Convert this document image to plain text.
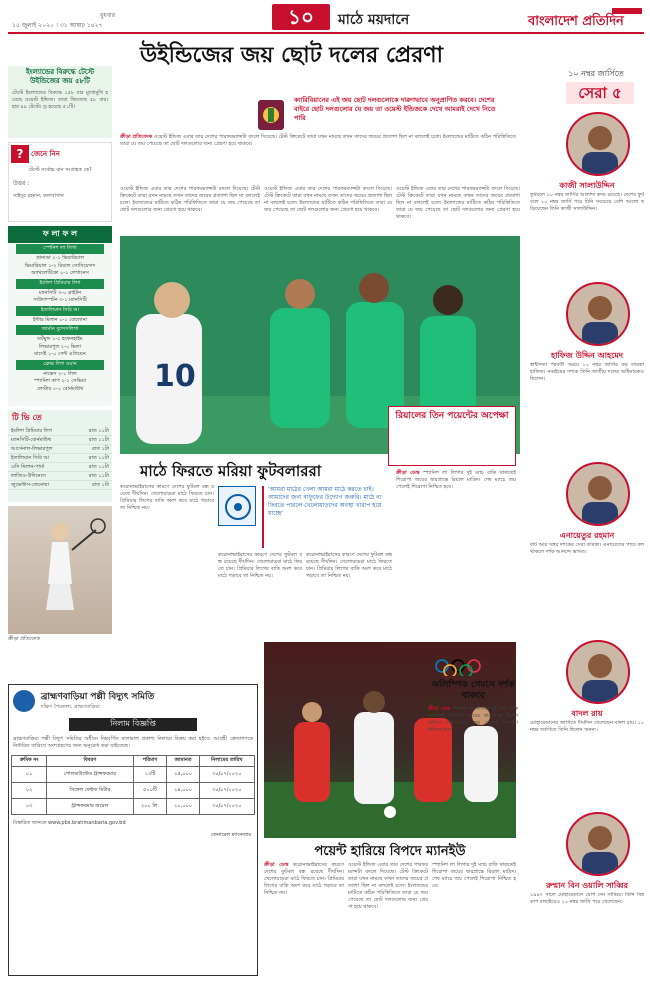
বুধবার
১৫ জুলাই ২০২০ । ৩১ আষাঢ় ১৪২৭	১০	মাঠে ময়দানে	বাংলাদেশ প্রতিদিন
ইংল্যান্ডের বিরুদ্ধে টেস্টে উইন্ডিজের জয় ৫৮টি
টেস্টে ইংল্যান্ডের বিরুদ্ধে ১৫৮ বার মুখোমুখি হয়েছে ওয়েস্ট ইন্ডিজ। তারা জিতেছে ৫৮ বার। হার ৪৯ টেস্টে। ড্র হয়েছে ৫১টি।
?	জেনে নিন
টেস্টে সর্বোচ্চ রান সংগ্রাহক কে?
উত্তর :
সাইদুর রহমান, কলাবাগান
ফ লা ফ ল
স্পেনিশ লা লিগা
গ্রানাডা ২-১ ভিয়ারিয়াল
ভিয়ারিয়াল ১-২ রিয়াল সোসিয়েদাদ
অ্যাথলেটিকো ০-১ লেগানেস
ইংলিশ প্রিমিয়ার লিগ
ম্যানসিটি ৩-০ ব্রাইটন
সাউদাম্পটন ৩-১ ম্যানসিটি
ইতালিয়ান সিরি আ
ইন্টার মিলান ০-১ বোলোনা
জার্মান বুন্দেসলিগা
ডর্টমুন্ড ১-২ হফেনহাইম
লিভারপুল ২-০ ভিলা
মার্সেই ১-০ সেন্ট এতিয়েন
ফ্রেঞ্চ লিগ ওয়ান
নান্তেস ২-১ লিল
স্প্যানিশ কাপ ২-১ সেভিয়া
লেস্টার ০-০ বোর্নমাউথ
টি ভি তে
ইংলিশ প্রিমিয়ার লিগ	রাত ১১টা
ম্যানসিটি-বোর্নমাউথ	রাত ১১টা
আর্সেনাল-লিভারপুল	রাত ১টা
ইতালিয়ান সিরি আ	রাত ১১টা
এসি মিলান-পার্মা	রাত ১১টা
লাজিও-উদিনেসে	রাত ১১টা
জুভেন্টাস-জেনোয়া	রাত ১টা
ক্রীড়া প্রতিবেদক
উইন্ডিজের জয় ছোট দলের প্রেরণা
ক্যারিবিয়ানের এই জয় ছোট দলগুলোকে দারুণভাবে অনুপ্রাণিত করবে। দেশের বাইরে ছোট দলগুলোর যে জয় তা ওয়েস্ট ইন্ডিজকে দেখে আমরাই দেখে নিতে পারি
ক্রীড়া প্রতিবেদক ওয়েস্ট ইন্ডিজ এবার তার দেশের পারফরম্যান্সটা বদলে দিয়েছে। টেস্ট ক্রিকেটে তারা যখন নামছে তখন তাদের জয়ের প্রত্যাশা ছিল না বললেই চলে। ইংল্যান্ডের মাটিতে কঠিন পরিস্থিতিতে তারা যে জয় পেয়েছে তা ছোট দলগুলোর জন্য প্রেরণা হয়ে থাকবে।
ওয়েস্ট ইন্ডিজ এবার তার দেশের পারফরম্যান্সটা বদলে দিয়েছে। টেস্ট ক্রিকেটে তারা যখন নামছে তখন তাদের জয়ের প্রত্যাশা ছিল না বললেই চলে। ইংল্যান্ডের মাটিতে কঠিন পরিস্থিতিতে তারা যে জয় পেয়েছে তা ছোট দলগুলোর জন্য প্রেরণা হয়ে থাকবে।
ওয়েস্ট ইন্ডিজ এবার তার দেশের পারফরম্যান্সটা বদলে দিয়েছে। টেস্ট ক্রিকেটে তারা যখন নামছে তখন তাদের জয়ের প্রত্যাশা ছিল না বললেই চলে। ইংল্যান্ডের মাটিতে কঠিন পরিস্থিতিতে তারা যে জয় পেয়েছে তা ছোট দলগুলোর জন্য প্রেরণা হয়ে থাকবে।
ওয়েস্ট ইন্ডিজ এবার তার দেশের পারফরম্যান্সটা বদলে দিয়েছে। টেস্ট ক্রিকেটে তারা যখন নামছে তখন তাদের জয়ের প্রত্যাশা ছিল না বললেই চলে। ইংল্যান্ডের মাটিতে কঠিন পরিস্থিতিতে তারা যে জয় পেয়েছে তা ছোট দলগুলোর জন্য প্রেরণা হয়ে থাকবে।
10
রিয়ালের তিন পয়েন্টের অপেক্ষা
ক্রীড়া ডেস্ক স্প্যানিশ লা লিগার দুই ম্যাচ বাকি থাকতেই শিরোপা জয়ের দ্বারপ্রান্তে রিয়াল মাদ্রিদ। শেষ ম্যাচে জয় পেলেই শিরোপা নিশ্চিত হবে।
মাঠে ফিরতে মরিয়া ফুটবলাররা
করোনাভাইরাসের কারণে দেশের ফুটবল বন্ধ রয়েছে দীর্ঘদিন। খেলোয়াড়রা মাঠে ফিরতে চান। প্রিমিয়ার লিগের বাকি অংশ কবে মাঠে গড়াবে তা নিশ্চিত নয়।
'আমরা মাঠের খেলা আমরা মাঠে করতে চাই। আমাদের জন্য বাফুফের উদ্যোগ জরুরি। মাঠে না ফিরতে পারলে খেলোয়াড়দের অবস্থা খারাপ হয়ে যাচ্ছে'
করোনাভাইরাসের কারণে দেশের ফুটবল বন্ধ রয়েছে দীর্ঘদিন। খেলোয়াড়রা মাঠে ফিরতে চান। প্রিমিয়ার লিগের বাকি অংশ কবে মাঠে গড়াবে তা নিশ্চিত নয়।
করোনাভাইরাসের কারণে দেশের ফুটবল বন্ধ রয়েছে দীর্ঘদিন। খেলোয়াড়রা মাঠে ফিরতে চান। প্রিমিয়ার লিগের বাকি অংশ কবে মাঠে গড়াবে তা নিশ্চিত নয়।
পয়েন্ট হারিয়ে বিপদে ম্যানইউ
ক্রীড়া ডেস্ক করোনাভাইরাসের কারণে দেশের ফুটবল বন্ধ রয়েছে দীর্ঘদিন। খেলোয়াড়রা মাঠে ফিরতে চান। প্রিমিয়ার লিগের বাকি অংশ কবে মাঠে গড়াবে তা নিশ্চিত নয়।
ওয়েস্ট ইন্ডিজ এবার তার দেশের পারফরম্যান্সটা বদলে দিয়েছে। টেস্ট ক্রিকেটে তারা যখন নামছে তখন তাদের জয়ের প্রত্যাশা ছিল না বললেই চলে। ইংল্যান্ডের মাটিতে কঠিন পরিস্থিতিতে তারা যে জয় পেয়েছে তা ছোট দলগুলোর জন্য প্রেরণা হয়ে থাকবে।
স্প্যানিশ লা লিগার দুই ম্যাচ বাকি থাকতেই শিরোপা জয়ের দ্বারপ্রান্তে রিয়াল মাদ্রিদ। শেষ ম্যাচে জয় পেলেই শিরোপা নিশ্চিত হবে।
অলিম্পিক গেমসে দর্শক থাকবে
ক্রীড়া ডেস্ক স্প্যানিশ লা লিগার দুই ম্যাচ বাকি থাকতেই শিরোপা জয়ের দ্বারপ্রান্তে রিয়াল মাদ্রিদ। শেষ ম্যাচে জয় পেলেই শিরোপা নিশ্চিত হবে।
ব্রাহ্মণবাড়িয়া পল্লী বিদ্যুৎ সমিতি
দক্ষিণ পৈরতলা, ব্রাহ্মণবাড়িয়া
নিলাম বিজ্ঞপ্তি
ব্রাহ্মণবাড়িয়া পল্লী বিদ্যুৎ সমিতির অধীনে নিম্নবর্ণিত মালামাল প্রকাশ্য নিলামে বিক্রয় করা হইবে। আগ্রহী ক্রেতাগণকে নির্ধারিত তারিখে অংশগ্রহণের জন্য অনুরোধ করা যাইতেছে।
ক্রমিক নং	বিবরণ	পরিমাণ	জামানত	নিলামের তারিখ
০১	পোলমাউন্টেড ট্রান্সফরমার	১৩টি	১৫,০০০	৩০/০৭/২০২০
০২	সিঙ্গেল ফেইজ মিটার	৫০০টি	১৪,০০০	৩০/০৭/২০২০
০৩	ট্রান্সফরমার অয়েল	২০০ লি.	১০,০০০	৩০/০৭/২০২০
বিস্তারিত জানতে www.pbs.brahmanbaria.gov.bd
জেনারেল ম্যানেজার
১০ নম্বর জার্সিতে
সেরা ৫
কাজী সালাউদ্দিন
ফুটবলে ১০ নম্বর জার্সির আলাদা কদর রয়েছে। দেশের ফুটবলে ১০ নম্বর জার্সি পরে যিনি সবচেয়ে বেশি আলো ছড়িয়েছেন তিনি কাজী সালাউদ্দিন।
হাফিজ উদ্দিন আহমেদ
স্বাধীনতা পরবর্তী সময়ে ১০ নম্বর জার্সির বড় তারকা হাফিজ। নব্বইয়ের দশকে তিনি জাতীয় দলের অধিনায়কও ছিলেন।
এনায়েতুর রহমান
ষাট আর সত্তর দশকের সেরা তারকা। এনায়েতের পায়ে বল থাকলে দর্শক আনন্দে ভাসত।
বাদল রায়
মোহামেডানের জার্সিতে দীর্ঘদিন খেলেছেন বাদল রায়। ১০ নম্বর জার্সিতে তিনি ছিলেন অনন্য।
রুম্মান বিন ওয়ালি সাব্বির
১৯৯৭ সালে মোহামেডানে যোগ দেন সাব্বির। তিনি বিশ্বকাপ বাছাইয়েও ১০ নম্বর জার্সি পরে খেলেছেন।
